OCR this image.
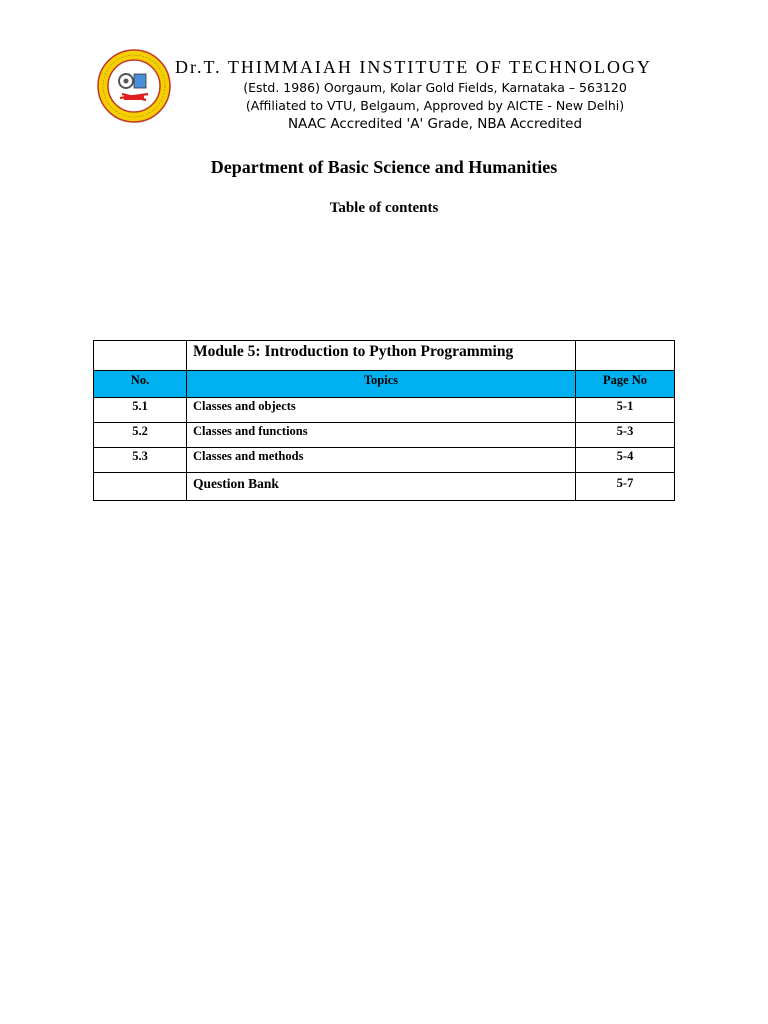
Dr.T. THIMMAIAH INSTITUTE OF TECHNOLOGY
(Estd. 1986) Oorgaum, Kolar Gold Fields, Karnataka – 563120
(Affiliated to VTU, Belgaum, Approved by AICTE - New Delhi)
NAAC Accredited 'A' Grade, NBA Accredited
Department of Basic Science and Humanities
Table of contents
	Module 5: Introduction to Python Programming	
No.	Topics	Page No
5.1	Classes and objects	5-1
5.2	Classes and functions	5-3
5.3	Classes and methods	5-4
	Question Bank	5-7
